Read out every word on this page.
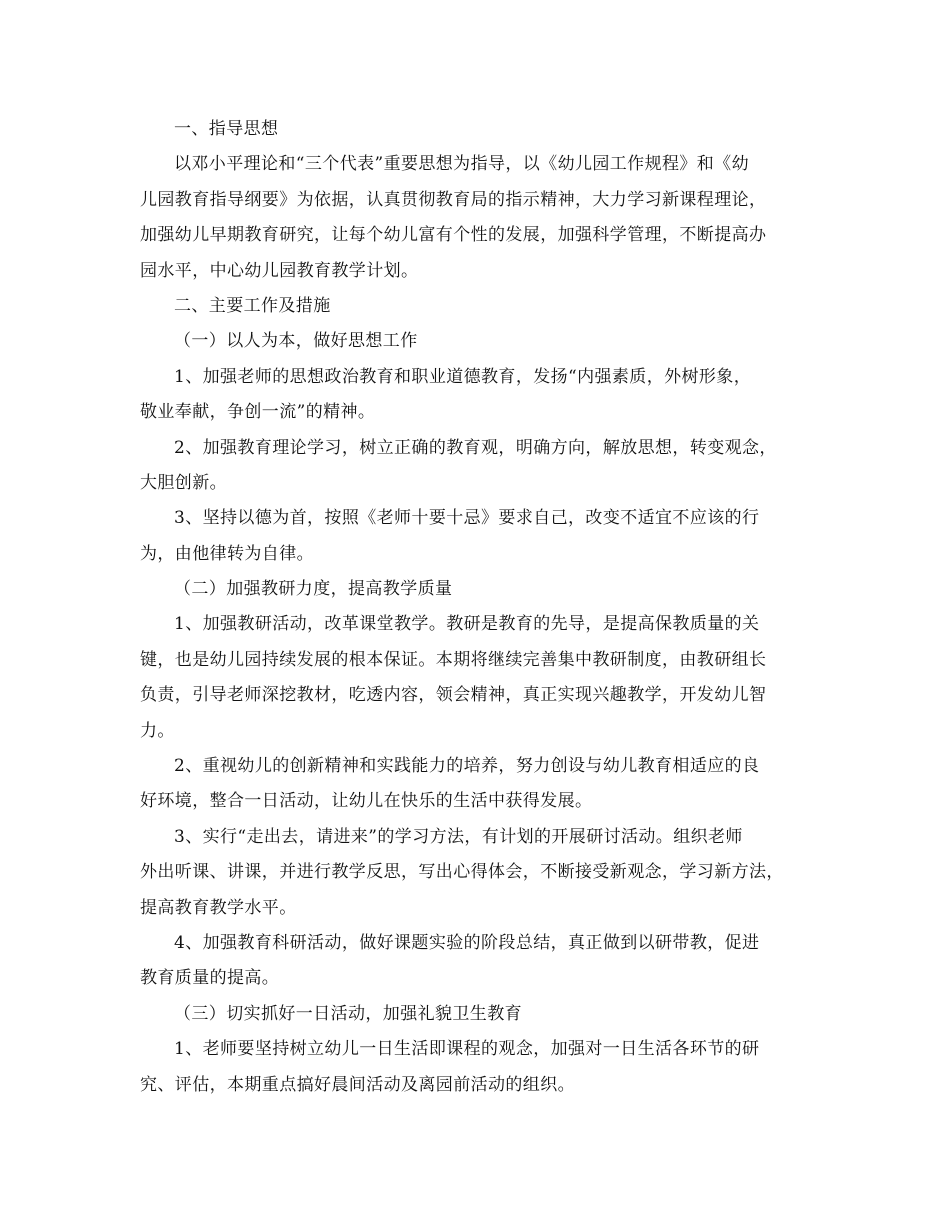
一、指导思想
以邓小平理论和“三个代表”重要思想为指导，以《幼儿园工作规程》和《幼
儿园教育指导纲要》为依据，认真贯彻教育局的指示精神，大力学习新课程理论，
加强幼儿早期教育研究，让每个幼儿富有个性的发展，加强科学管理，不断提高办
园水平，中心幼儿园教育教学计划。
二、主要工作及措施
（一）以人为本，做好思想工作
1、加强老师的思想政治教育和职业道德教育，发扬“内强素质，外树形象，
敬业奉献，争创一流”的精神。
2、加强教育理论学习，树立正确的教育观，明确方向，解放思想，转变观念，
大胆创新。
3、坚持以德为首，按照《老师十要十忌》要求自己，改变不适宜不应该的行
为，由他律转为自律。
（二）加强教研力度，提高教学质量
1、加强教研活动，改革课堂教学。教研是教育的先导，是提高保教质量的关
键，也是幼儿园持续发展的根本保证。本期将继续完善集中教研制度，由教研组长
负责，引导老师深挖教材，吃透内容，领会精神，真正实现兴趣教学，开发幼儿智
力。
2、重视幼儿的创新精神和实践能力的培养，努力创设与幼儿教育相适应的良
好环境，整合一日活动，让幼儿在快乐的生活中获得发展。
3、实行“走出去，请进来”的学习方法，有计划的开展研讨活动。组织老师
外出听课、讲课，并进行教学反思，写出心得体会，不断接受新观念，学习新方法，
提高教育教学水平。
4、加强教育科研活动，做好课题实验的阶段总结，真正做到以研带教，促进
教育质量的提高。
（三）切实抓好一日活动，加强礼貌卫生教育
1、老师要坚持树立幼儿一日生活即课程的观念，加强对一日生活各环节的研
究、评估，本期重点搞好晨间活动及离园前活动的组织。
